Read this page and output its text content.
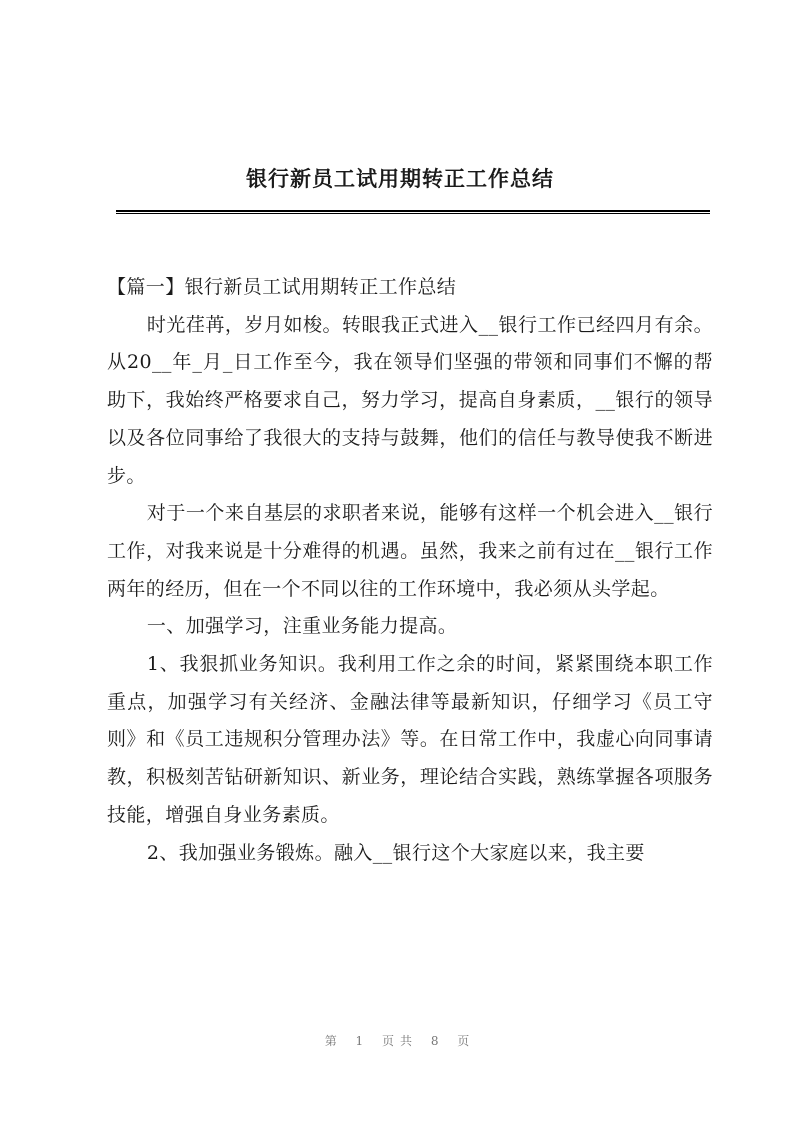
银行新员工试用期转正工作总结

【篇一】银行新员工试用期转正工作总结

时光荏苒，岁月如梭。转眼我正式进入__银行工作已经四月有余。从20__年_月_日工作至今，我在领导们坚强的带领和同事们不懈的帮助下，我始终严格要求自己，努力学习，提高自身素质，__银行的领导以及各位同事给了我很大的支持与鼓舞，他们的信任与教导使我不断进步。

对于一个来自基层的求职者来说，能够有这样一个机会进入__银行工作，对我来说是十分难得的机遇。虽然，我来之前有过在__银行工作两年的经历，但在一个不同以往的工作环境中，我必须从头学起。

一、加强学习，注重业务能力提高。

1、我狠抓业务知识。我利用工作之余的时间，紧紧围绕本职工作重点，加强学习有关经济、金融法律等最新知识，仔细学习《员工守则》和《员工违规积分管理办法》等。在日常工作中，我虚心向同事请教，积极刻苦钻研新知识、新业务，理论结合实践，熟练掌握各项服务技能，增强自身业务素质。

2、我加强业务锻炼。融入__银行这个大家庭以来，我主要

第 1 页共 8 页
